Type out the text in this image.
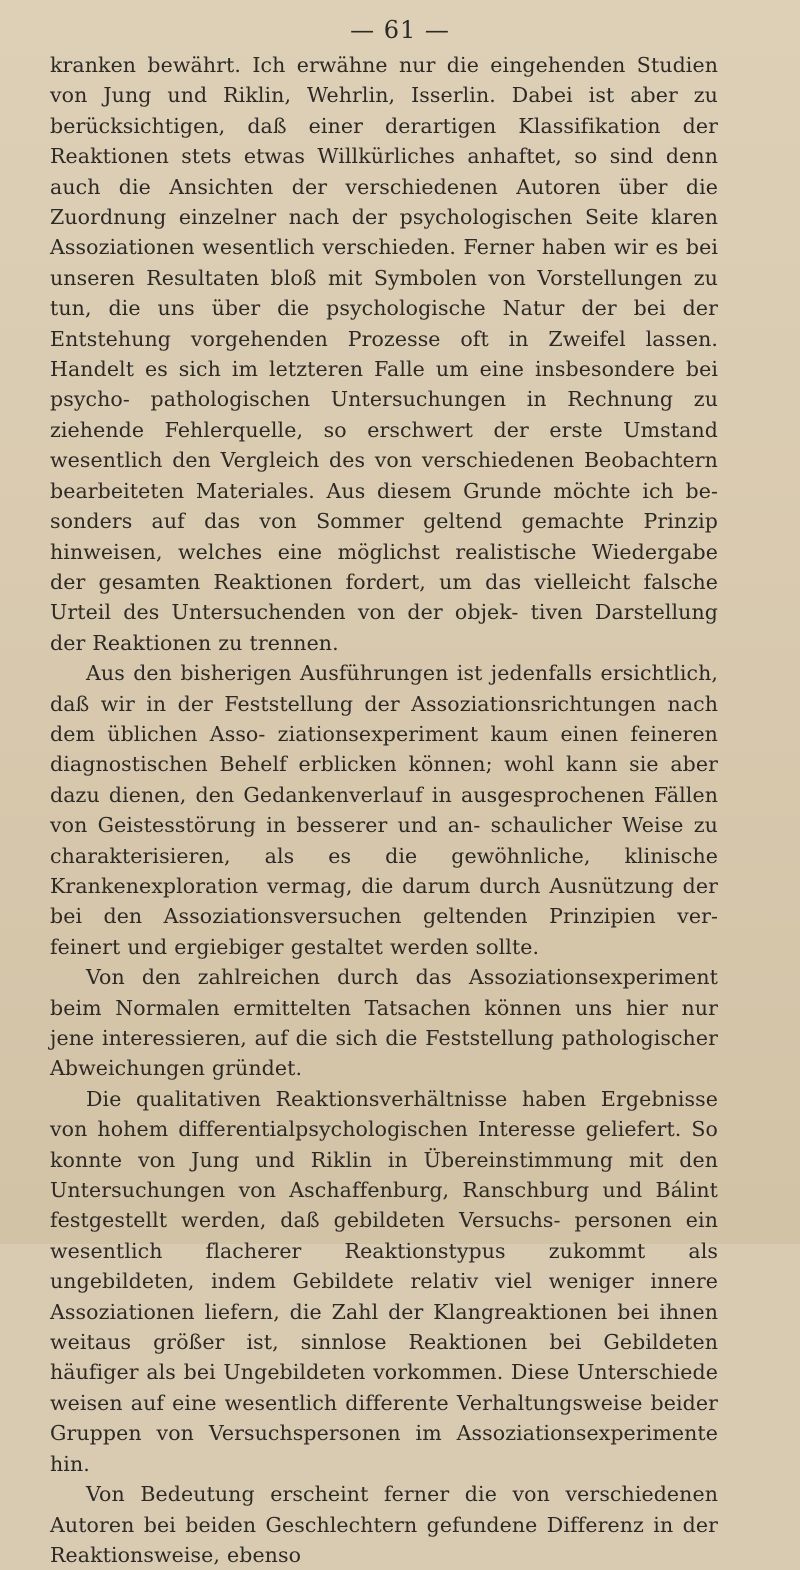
— 61 —

kranken bewährt. Ich erwähne nur die eingehenden Studien von Jung und Riklin, Wehrlin, Isserlin. Dabei ist aber zu berücksichtigen, daß einer derartigen Klassifikation der Reaktionen stets etwas Willkürliches anhaftet, so sind denn auch die Ansichten der verschiedenen Autoren über die Zuordnung einzelner nach der psychologischen Seite klaren Assoziationen wesentlich verschieden. Ferner haben wir es bei unseren Resultaten bloß mit Symbolen von Vorstellungen zu tun, die uns über die psychologische Natur der bei der Entstehung vorgehenden Prozesse oft in Zweifel lassen. Handelt es sich im letzteren Falle um eine insbesondere bei psycho- pathologischen Untersuchungen in Rechnung zu ziehende Fehlerquelle, so erschwert der erste Umstand wesentlich den Vergleich des von verschiedenen Beobachtern bearbeiteten Materiales. Aus diesem Grunde möchte ich be- sonders auf das von Sommer geltend gemachte Prinzip hinweisen, welches eine möglichst realistische Wiedergabe der gesamten Reaktionen fordert, um das vielleicht falsche Urteil des Untersuchenden von der objek- tiven Darstellung der Reaktionen zu trennen.

Aus den bisherigen Ausführungen ist jedenfalls ersichtlich, daß wir in der Feststellung der Assoziationsrichtungen nach dem üblichen Asso- ziationsexperiment kaum einen feineren diagnostischen Behelf erblicken können; wohl kann sie aber dazu dienen, den Gedankenverlauf in ausgesprochenen Fällen von Geistesstörung in besserer und an- schaulicher Weise zu charakterisieren, als es die gewöhnliche, klinische Krankenexploration vermag, die darum durch Ausnützung der bei den Assoziationsversuchen geltenden Prinzipien ver- feinert und ergiebiger gestaltet werden sollte.

Von den zahlreichen durch das Assoziationsexperiment beim Normalen ermittelten Tatsachen können uns hier nur jene interessieren, auf die sich die Feststellung pathologischer Abweichungen gründet.

Die qualitativen Reaktionsverhältnisse haben Ergebnisse von hohem differentialpsychologischen Interesse geliefert. So konnte von Jung und Riklin in Übereinstimmung mit den Untersuchungen von Aschaffenburg, Ranschburg und Bálint festgestellt werden, daß gebildeten Versuchs- personen ein wesentlich flacherer Reaktionstypus zukommt als ungebildeten, indem Gebildete relativ viel weniger innere Assoziationen liefern, die Zahl der Klangreaktionen bei ihnen weitaus größer ist, sinnlose Reaktionen bei Gebildeten häufiger als bei Ungebildeten vorkommen. Diese Unterschiede weisen auf eine wesentlich differente Verhaltungsweise beider Gruppen von Versuchspersonen im Assoziationsexperimente hin.

Von Bedeutung erscheint ferner die von verschiedenen Autoren bei beiden Geschlechtern gefundene Differenz in der Reaktionsweise, ebenso
